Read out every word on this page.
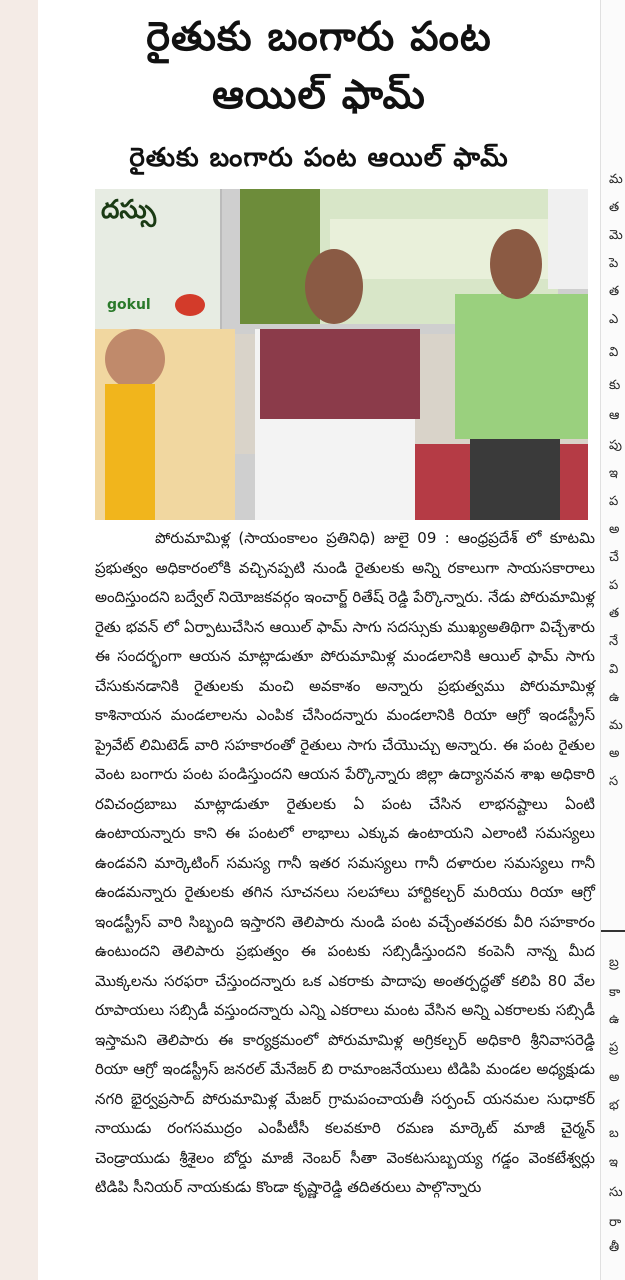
రైతుకు బంగారు పంట
ఆయిల్ ఫామ్
రైతుకు బంగారు పంట ఆయిల్ ఫామ్
దస్సు
gokul

పోరుమామిళ్ల (సాయంకాలం ప్రతినిధి) జులై 09 : ఆంధ్రప్రదేశ్ లో కూటమి ప్రభుత్వం అధికారంలోకి వచ్చినప్పటి నుండి రైతులకు అన్ని రకాలుగా సాయసకారాలు అందిస్తుందని బద్వేల్ నియోజకవర్గం ఇంచార్జ్ రితేష్ రెడ్డి పేర్కొన్నారు. నేడు పోరుమామిళ్ల రైతు భవన్ లో ఏర్పాటుచేసిన ఆయిల్ ఫామ్ సాగు సదస్సుకు ముఖ్యఅతిథిగా విచ్చేశారు ఈ సందర్భంగా ఆయన మాట్లాడుతూ పోరుమామిళ్ల మండలానికి ఆయిల్ ఫామ్ సాగు చేసుకునడానికి రైతులకు మంచి అవకాశం అన్నారు ప్రభుత్వము పోరుమామిళ్ల కాశినాయన మండలాలను ఎంపిక చేసిందన్నారు మండలానికి రియా ఆగ్రో ఇండస్ట్రీస్ ప్రైవేట్ లిమిటెడ్ వారి సహకారంతో రైతులు సాగు చేయొచ్చు అన్నారు. ఈ పంట రైతుల వెంట బంగారు పంట పండిస్తుందని ఆయన పేర్కొన్నారు జిల్లా ఉద్యానవన శాఖ అధికారి రవిచంద్రబాబు మాట్లాడుతూ రైతులకు ఏ పంట చేసిన లాభనష్టాలు ఏంటి ఉంటాయన్నారు కాని ఈ పంటలో లాభాలు ఎక్కువ ఉంటాయని ఎలాంటి సమస్యలు ఉండవని మార్కెటింగ్ సమస్య గానీ ఇతర సమస్యలు గానీ దళారుల సమస్యలు గానీ ఉండమన్నారు రైతులకు తగిన సూచనలు సలహాలు హార్టికల్చర్ మరియు రియా ఆగ్రో ఇండస్ట్రీస్ వారి సిబ్బంది ఇస్తారని తెలిపారు నుండి పంట వచ్చేంతవరకు వీరి సహకారం ఉంటుందని తెలిపారు ప్రభుత్వం ఈ పంటకు సబ్సిడీస్తుందని కంపెనీ నాన్న మీద మొక్కలను సరఫరా చేస్తుందన్నారు ఒక ఎకరాకు పాదాపు అంతర్పద్ధతో కలిపి 80 వేల రూపాయలు సబ్సిడీ వస్తుందన్నారు ఎన్ని ఎకరాలు మంట వేసిన అన్ని ఎకరాలకు సబ్సిడీ ఇస్తామని తెలిపారు ఈ కార్యక్రమంలో పోరుమామిళ్ల అగ్రికల్చర్ అధికారి శ్రీనివాసరెడ్డి రియా ఆగ్రో ఇండస్ట్రీస్ జనరల్ మేనేజర్ బి రామాంజనేయులు టిడిపి మండల అధ్యక్షుడు నగరి భైర్వప్రసాద్ పోరుమామిళ్ల మేజర్ గ్రామపంచాయతీ సర్పంచ్ యనమల సుధాకర్ నాయుడు రంగసముద్రం ఎంపీటీసీ కలవకూరి రమణ మార్కెట్ మాజీ చైర్మన్ చెండ్రాయుడు శ్రీశైలం బోర్డు మాజీ నెంబర్ సీతా వెంకటసుబ్బయ్య గడ్డం వెంకటేశ్వర్లు టిడిపి సీనియర్ నాయకుడు కొండా కృష్ణారెడ్డి తదితరులు పాల్గొన్నారు

మ
త
మె
పె
త
ఎ
వి
కు
ఆ
పు
ఇ
ప
అ
చే
ప
త
నే
వి
ఉ
మ
అ
స
బ్ర
కా
ఉ
ప్ర
అ
భ
బ
ఇ
సు
రా
తీ
